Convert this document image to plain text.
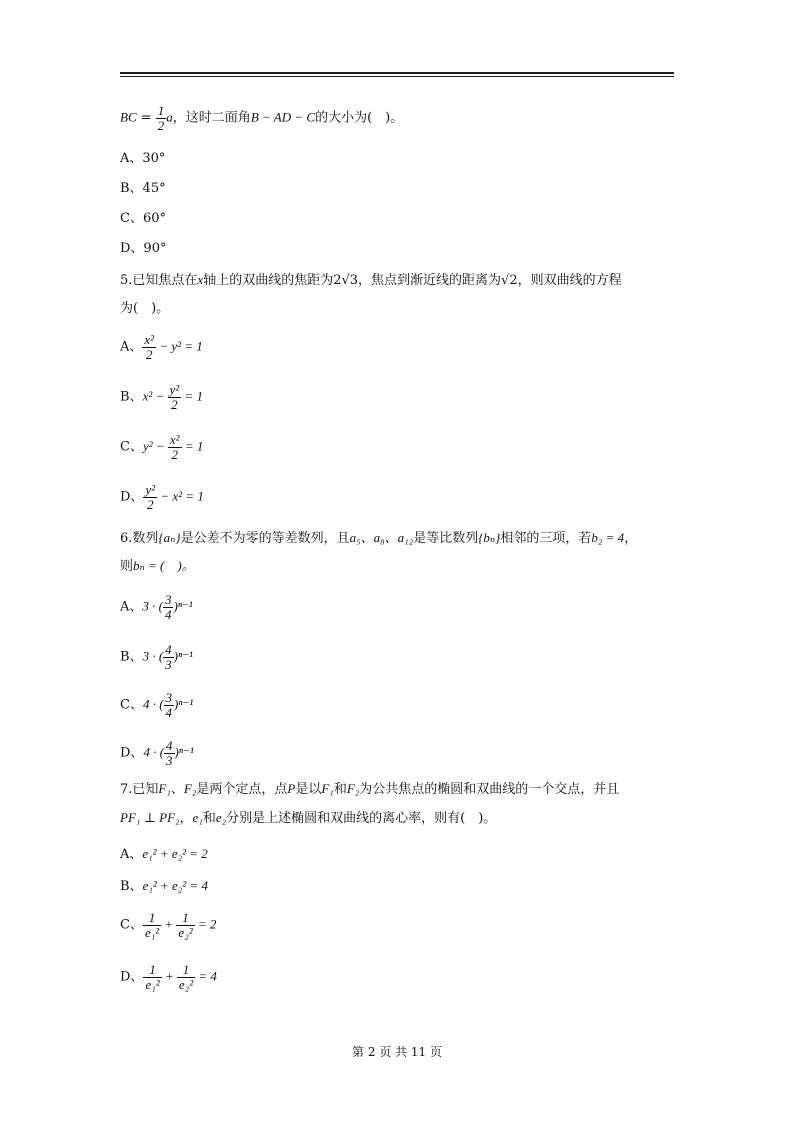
BC = $\frac{1}{2}$ a，这时二面角B − AD − C的大小为(　)。
A、30°
B、45°
C、60°
D、90°
5.已知焦点在x轴上的双曲线的焦距为2√3，焦点到渐近线的距离为√2，则双曲线的方程
为(　)。
A、 $\frac{\text{x²}}{2} - y^2 = 1$
B、$x^2 - \frac{\text{y²}}{2} = 1$
C、$y^2 - \frac{\text{x²}}{2} = 1$
D、 $\frac{\text{y²}}{2} - x^2 = 1$
6.数列{aₙ}是公差不为零的等差数列，且a₅、a₈、a₁₂是等比数列{bₙ}相邻的三项，若b₂ = 4，
则bₙ = (　)。
A、3 · ( $\frac{3}{4} )^{n-1}$
B、3 · ( $\frac{4}{3} )^{n-1}$
C、4 · ( $\frac{3}{4} )^{n-1}$
D、4 · ( $\frac{4}{3} )^{n-1}$
7.已知F₁、F₂是两个定点，点P是以F₁和F₂为公共焦点的椭圆和双曲线的一个交点，并且
PF₁ ⊥ PF₂，e₁和e₂分别是上述椭圆和双曲线的离心率，则有(　)。
A、e₁² + e₂² = 2
B、e₁² + e₂² = 4
C、 $\frac{1}{\text{e₁²}} + \frac{1}{\text{e₂²}} = 2$
D、 $\frac{1}{\text{e₁²}} + \frac{1}{\text{e₂²}} = 4$
第 2 页 共 11 页
